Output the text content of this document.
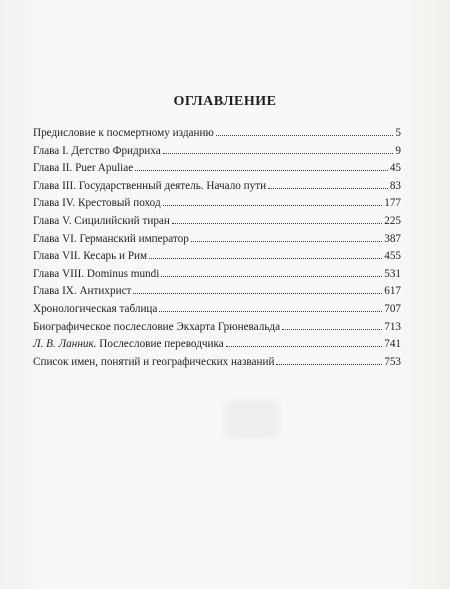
ОГЛАВЛЕНИЕ
Предисловие к посмертному изданию	5
Глава I. Детство Фридриха	9
Глава II. Puer Apuliae	45
Глава III. Государственный деятель. Начало пути	83
Глава IV. Крестовый поход	177
Глава V. Сицилийский тиран	225
Глава VI. Германский император	387
Глава VII. Кесарь и Рим	455
Глава VIII. Dominus mundi	531
Глава IX. Антихрист	617
Хронологическая таблица	707
Биографическое послесловие Экхарта Грюневальда	713
Л. В. Ланник. Послесловие переводчика	741
Список имен, понятий и географических названий	753
